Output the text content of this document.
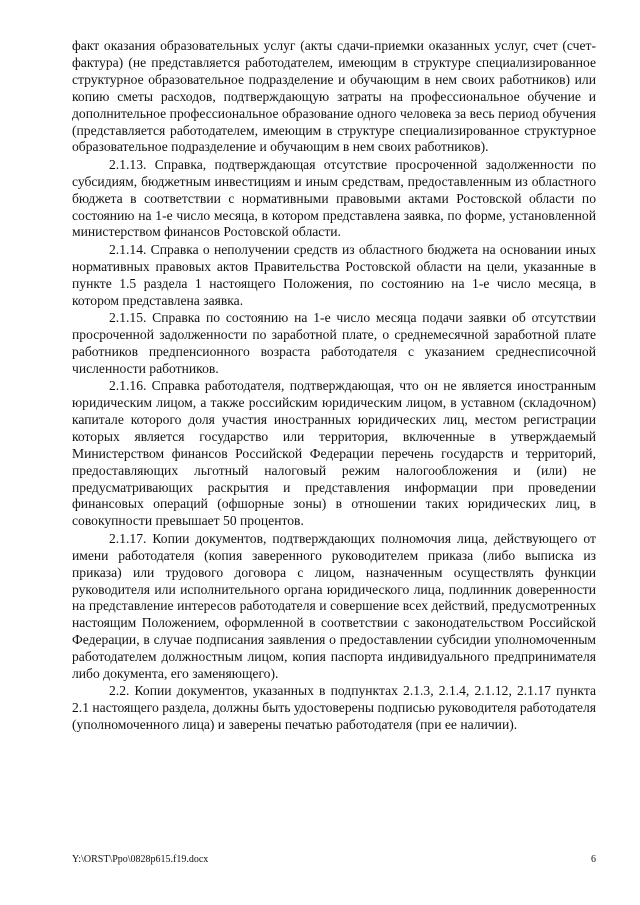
факт оказания образовательных услуг (акты сдачи-приемки оказанных услуг, счет (счет-фактура) (не представляется работодателем, имеющим в структуре специализированное структурное образовательное подразделение и обучающим в нем своих работников) или копию сметы расходов, подтверждающую затраты на профессиональное обучение и дополнительное профессиональное образование одного человека за весь период обучения (представляется работодателем, имеющим в структуре специализированное структурное образовательное подразделение и обучающим в нем своих работников).

2.1.13. Справка, подтверждающая отсутствие просроченной задолженности по субсидиям, бюджетным инвестициям и иным средствам, предоставленным из областного бюджета в соответствии с нормативными правовыми актами Ростовской области по состоянию на 1-е число месяца, в котором представлена заявка, по форме, установленной министерством финансов Ростовской области.

2.1.14. Справка о неполучении средств из областного бюджета на основании иных нормативных правовых актов Правительства Ростовской области на цели, указанные в пункте 1.5 раздела 1 настоящего Положения, по состоянию на 1-е число месяца, в котором представлена заявка.

2.1.15. Справка по состоянию на 1-е число месяца подачи заявки об отсутствии просроченной задолженности по заработной плате, о среднемесячной заработной плате работников предпенсионного возраста работодателя с указанием среднесписочной численности работников.

2.1.16. Справка работодателя, подтверждающая, что он не является иностранным юридическим лицом, а также российским юридическим лицом, в уставном (складочном) капитале которого доля участия иностранных юридических лиц, местом регистрации которых является государство или территория, включенные в утверждаемый Министерством финансов Российской Федерации перечень государств и территорий, предоставляющих льготный налоговый режим налогообложения и (или) не предусматривающих раскрытия и представления информации при проведении финансовых операций (офшорные зоны) в отношении таких юридических лиц, в совокупности превышает 50 процентов.

2.1.17. Копии документов, подтверждающих полномочия лица, действующего от имени работодателя (копия заверенного руководителем приказа (либо выписка из приказа) или трудового договора с лицом, назначенным осуществлять функции руководителя или исполнительного органа юридического лица, подлинник доверенности на представление интересов работодателя и совершение всех действий, предусмотренных настоящим Положением, оформленной в соответствии с законодательством Российской Федерации, в случае подписания заявления о предоставлении субсидии уполномоченным работодателем должностным лицом, копия паспорта индивидуального предпринимателя либо документа, его заменяющего).

2.2. Копии документов, указанных в подпунктах 2.1.3, 2.1.4, 2.1.12, 2.1.17 пункта 2.1 настоящего раздела, должны быть удостоверены подписью руководителя работодателя (уполномоченного лица) и заверены печатью работодателя (при ее наличии).

Y:\ORST\Ppo\0828p615.f19.docx	6
